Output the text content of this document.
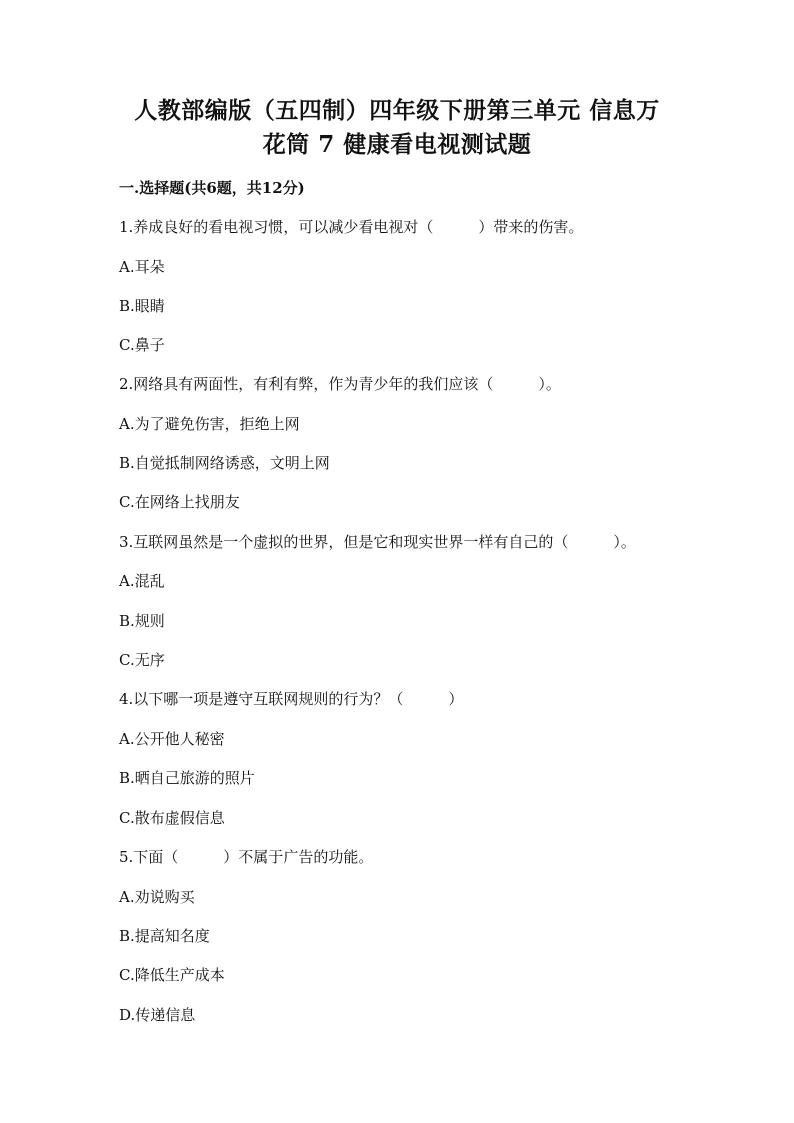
人教部编版（五四制）四年级下册第三单元 信息万
花筒 7 健康看电视测试题
一.选择题(共6题，共12分)
1.养成良好的看电视习惯，可以减少看电视对（　　　）带来的伤害。
A.耳朵
B.眼睛
C.鼻子
2.网络具有两面性，有利有弊，作为青少年的我们应该（　　　）。
A.为了避免伤害，拒绝上网
B.自觉抵制网络诱惑，文明上网
C.在网络上找朋友
3.互联网虽然是一个虚拟的世界，但是它和现实世界一样有自己的（　　　）。
A.混乱
B.规则
C.无序
4.以下哪一项是遵守互联网规则的行为？（　　　）
A.公开他人秘密
B.晒自己旅游的照片
C.散布虚假信息
5.下面（　　　）不属于广告的功能。
A.劝说购买
B.提高知名度
C.降低生产成本
D.传递信息
